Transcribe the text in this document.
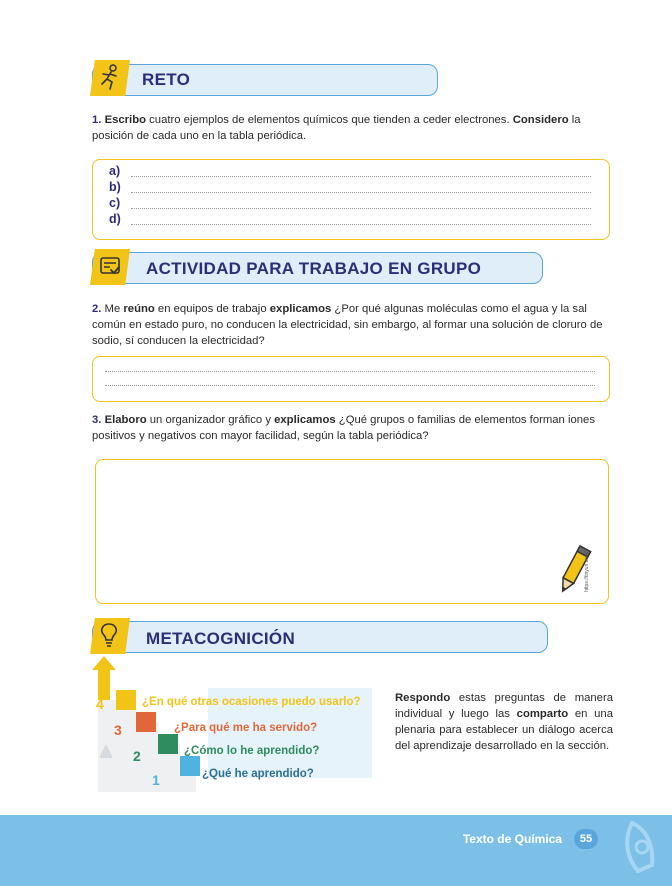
RETO
1. Escribo cuatro ejemplos de elementos químicos que tienden a ceder electrones. Considero la posición de cada uno en la tabla periódica.
a)
b)
c)
d)
ACTIVIDAD PARA TRABAJO EN GRUPO
2. Me reúno en equipos de trabajo explicamos ¿Por qué algunas moléculas como el agua y la sal común en estado puro, no conducen la electricidad, sin embargo, al formar una solución de cloruro de sodio, sí conducen la electricidad?
3. Elaboro un organizador gráfico y explicamos ¿Qué grupos o familias de elementos forman iones positivos y negativos con mayor facilidad, según la tabla periódica?
https://tinyurl.com/...
METACOGNICIÓN
4	¿En qué otras ocasiones puedo usarlo?
3	¿Para qué me ha servido?
2	¿Cómo lo he aprendido?
1	¿Qué he aprendido?
Respondo estas preguntas de manera individual y luego las comparto en una plenaria para establecer un diálogo acerca del aprendizaje desarrollado en la sección.
Texto de Química	55
